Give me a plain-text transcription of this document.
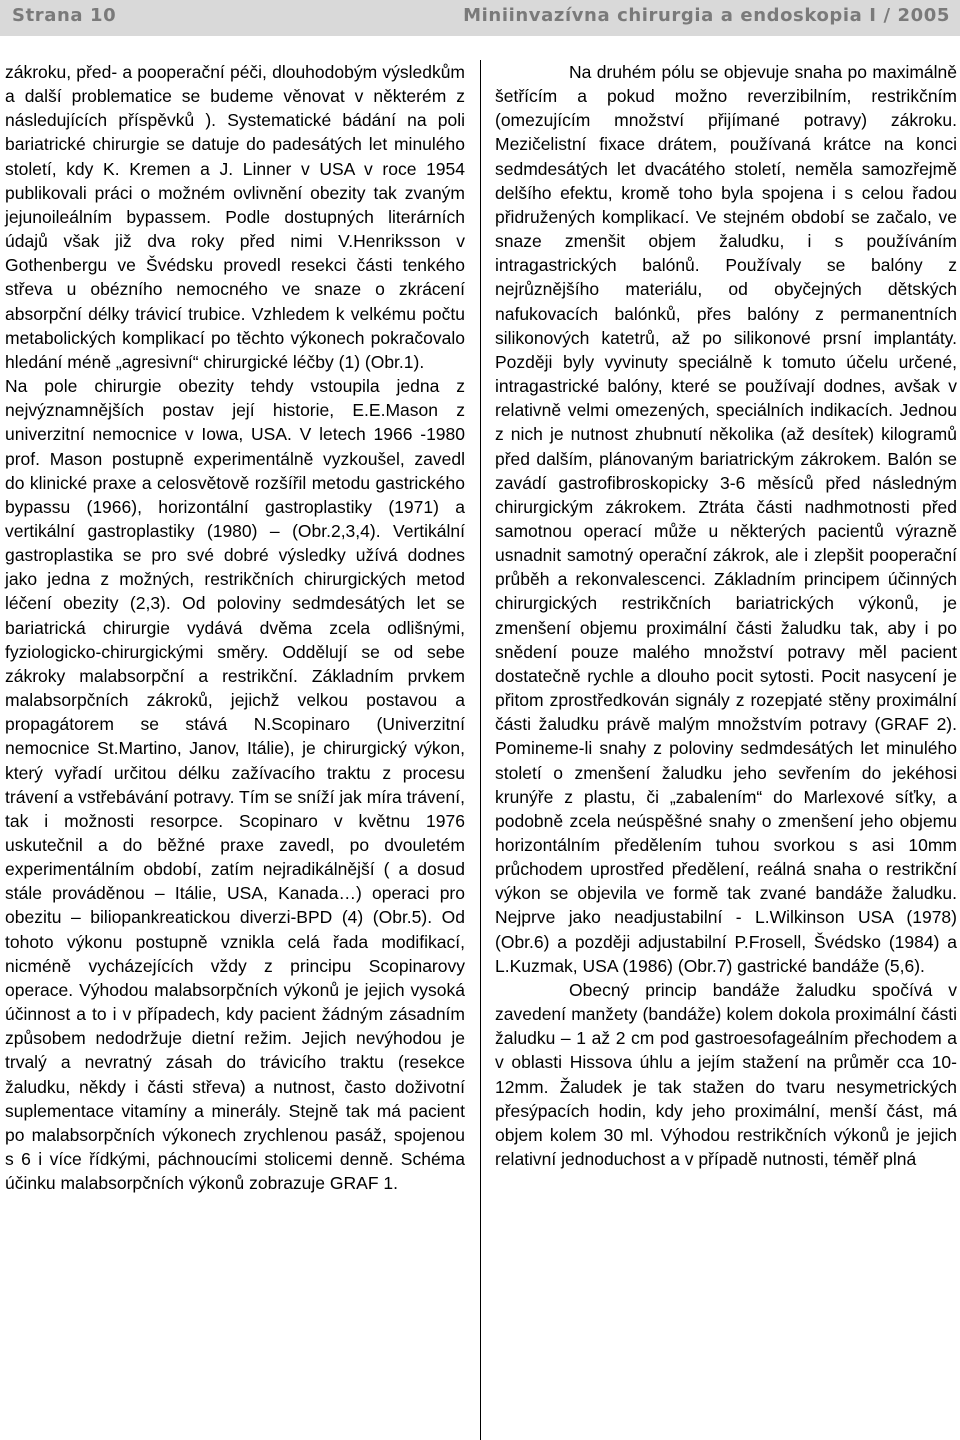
Strana 10	Miniinvazívna chirurgia a endoskopia I / 2005

zákroku, před- a pooperační péči, dlouhodobým výsledkům a další problematice se budeme věnovat v některém z následujících příspěvků ). Systematické bádání na poli bariatrické chirurgie se datuje do padesátých let minulého století, kdy K. Kremen a J. Linner v USA v roce 1954 publikovali práci o možném ovlivnění obezity tak zvaným jejunoilеálním bypassem. Podle dostupných literárních údajů však již dva roky před nimi V.Henriksson v Gothenbergu ve Švédsku provedl resekci části tenkého střeva u obézního nemocného ve snaze o zkrácení absorpční délky trávicí trubice. Vzhledem k velkému počtu metabolických komplikací po těchto výkonech pokračovalo hledání méně „agresivní“ chirurgické léčby (1) (Obr.1).

Na pole chirurgie obezity tehdy vstoupila jedna z nejvýznamnějších postav její historie, E.E.Mason z univerzitní nemocnice v Iowa, USA. V letech 1966 -1980 prof. Mason postupně experimentálně vyzkoušel, zavedl do klinické praxe a celosvětově rozšířil metodu gastrického bypassu (1966), horizontální gastroplastiky (1971) a vertikální gastroplastiky (1980) – (Obr.2,3,4). Vertikální gastroplastika se pro své dobré výsledky užívá dodnes jako jedna z možných, restrikčních chirurgických metod léčení obezity (2,3). Od poloviny sedmdesátých let se bariatrická chirurgie vydává dvěma zcela odlišnými, fyziologicko-chirurgickými směry. Oddělují se od sebe zákroky malabsorpční a restrikční. Základním prvkem malabsorpčních zákroků, jejichž velkou postavou a propagátorem se stává N.Scopinaro (Univerzitní nemocnice St.Martino, Janov, Itálie), je chirurgický výkon, který vyřadí určitou délku zažívacího traktu z procesu trávení a vstřebávání potravy. Tím se sníží jak míra trávení, tak i možnosti resorpce. Scopinaro v květnu 1976 uskutečnil a do běžné praxe zavedl, po dvouletém experimentálním období, zatím nejradikálnější ( a dosud stále prováděnou – Itálie, USA, Kanada…) operaci pro obezitu – biliopankreatickou diverzi-BPD (4) (Obr.5). Od tohoto výkonu postupně vznikla celá řada modifikací, nicméně vycházejících vždy z principu Scopinarovy operace. Výhodou malabsorpčních výkonů je jejich vysoká účinnost a to i v případech, kdy pacient žádným zásadním způsobem nedodržuje dietní režim. Jejich nevýhodou je trvalý a nevratný zásah do trávicího traktu (resekce žaludku, někdy i části střeva) a nutnost, často doživotní suplementace vitamíny a minerály. Stejně tak má pacient po malabsorpčních výkonech zrychlenou pasáž, spojenou s 6 i více řídkými, páchnoucími stolicemi denně. Schéma účinku malabsorpčních výkonů zobrazuje GRAF 1.

Na druhém pólu se objevuje snaha po maximálně šetřícím a pokud možno reverzibilním, restrikčním (omezujícím množství přijímané potravy) zákroku. Mezičelistní fixace drátem, používaná krátce na konci sedmdesátých let dvacátého století, neměla samozřejmě delšího efektu, kromě toho byla spojena i s celou řadou přidružených komplikací. Ve stejném období se začalo, ve snaze zmenšit objem žaludku, i s používáním intragastrických balónů. Používaly se balóny z nejrůznějšího materiálu, od obyčejných dětských nafukovacích balónků, přes balóny z permanentních silikonových katetrů, až po silikonové prsní implantáty. Později byly vyvinuty speciálně k tomuto účelu určené, intragastrické balóny, které se používají dodnes, avšak v relativně velmi omezených, speciálních indikacích. Jednou z nich je nutnost zhubnutí několika (až desítek) kilogramů před dalším, plánovaným bariatrickým zákrokem. Balón se zavádí gastrofibroskopicky 3-6 měsíců před následným chirurgickým zákrokem. Ztráta části nadhmotnosti před samotnou operací může u některých pacientů výrazně usnadnit samotný operační zákrok, ale i zlepšit pooperační průběh a rekonvalescenci. Základním principem účinných chirurgických restrikčních bariatrických výkonů, je zmenšení objemu proximální části žaludku tak, aby i po snědení pouze malého množství potravy měl pacient dostatečně rychle a dlouho pocit sytosti. Pocit nasycení je přitom zprostředkován signály z rozepjaté stěny proximální části žaludku právě malým množstvím potravy (GRAF 2). Pomineme-li snahy z poloviny sedmdesátých let minulého století o zmenšení žaludku jeho sevřením do jekéhosi krunýře z plastu, či „zabalením“ do Marlexové síťky, a podobně zcela neúspěšné snahy o zmenšení jeho objemu horizontálním předělením tuhou svorkou s asi 10mm průchodem uprostřed předělení, reálná snaha o restrikční výkon se objevila ve formě tak zvané bandáže žaludku. Nejprve jako neadjustabilní - L.Wilkinson USA (1978) (Obr.6) a později adjustabilní P.Frosell, Švédsko (1984) a L.Kuzmak, USA (1986) (Obr.7) gastrické bandáže (5,6).

Obecný princip bandáže žaludku spočívá v zavedení manžety (bandáže) kolem dokola proximální části žaludku – 1 až 2 cm pod gastroesofageálním přechodem a v oblasti Hissova úhlu a jejím stažení na průměr cca 10-12mm. Žaludek je tak stažen do tvaru nesymetrických přesýpacích hodin, kdy jeho proximální, menší část, má objem kolem 30 ml. Výhodou restrikčních výkonů je jejich relativní jednoduchost a v případě nutnosti, téměř plná
